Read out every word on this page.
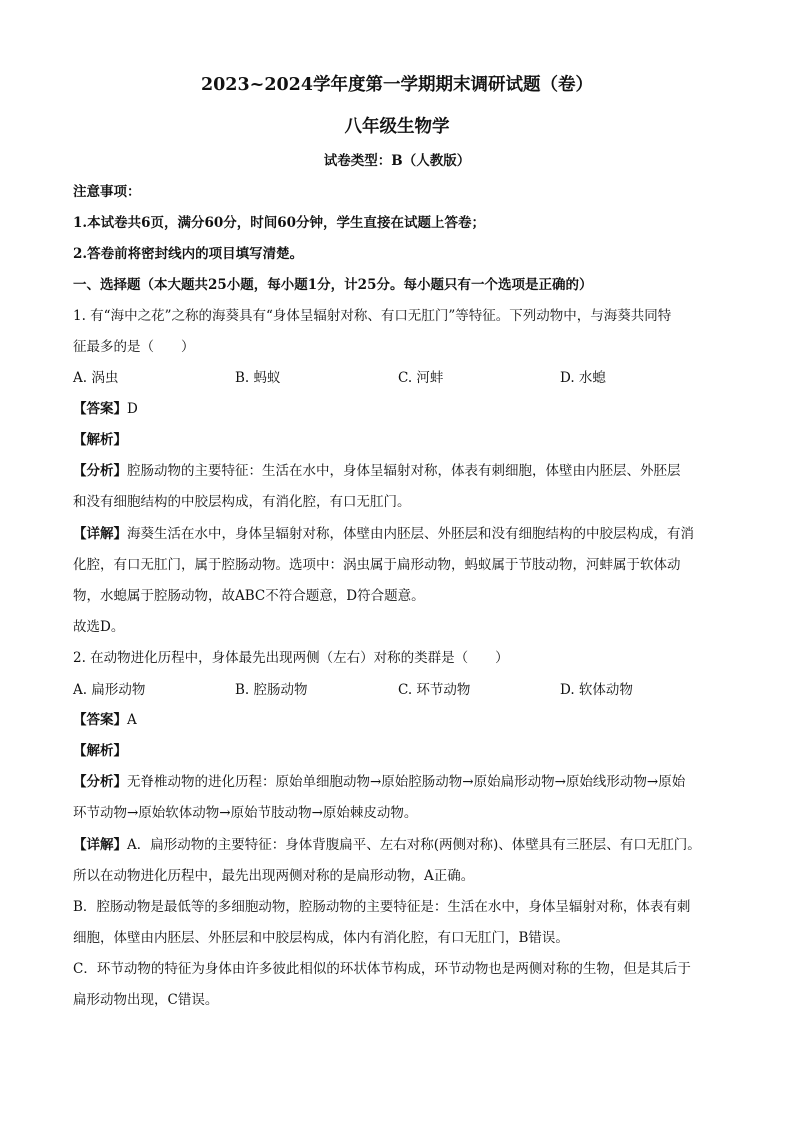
2023~2024学年度第一学期期末调研试题（卷）
八年级生物学
试卷类型：B（人教版）
注意事项：
1.本试卷共6页，满分60分，时间60分钟，学生直接在试题上答卷；
2.答卷前将密封线内的项目填写清楚。
一、选择题（本大题共25小题，每小题1分，计25分。每小题只有一个选项是正确的）
1. 有“海中之花”之称的海葵具有“身体呈辐射对称、有口无肛门”等特征。下列动物中，与海葵共同特
征最多的是（　　）
A. 涡虫	B. 蚂蚁	C. 河蚌	D. 水螅
【答案】D
【解析】
【分析】腔肠动物的主要特征：生活在水中，身体呈辐射对称，体表有刺细胞，体壁由内胚层、外胚层
和没有细胞结构的中胶层构成，有消化腔，有口无肛门。
【详解】海葵生活在水中，身体呈辐射对称，体壁由内胚层、外胚层和没有细胞结构的中胶层构成，有消
化腔，有口无肛门，属于腔肠动物。选项中：涡虫属于扁形动物，蚂蚁属于节肢动物，河蚌属于软体动
物，水螅属于腔肠动物，故ABC不符合题意，D符合题意。
故选D。
2. 在动物进化历程中，身体最先出现两侧（左右）对称的类群是（　　）
A. 扁形动物	B. 腔肠动物	C. 环节动物	D. 软体动物
【答案】A
【解析】
【分析】无脊椎动物的进化历程：原始单细胞动物→原始腔肠动物→原始扁形动物→原始线形动物→原始
环节动物→原始软体动物→原始节肢动物→原始棘皮动物。
【详解】A．扁形动物的主要特征：身体背腹扁平、左右对称(两侧对称)、体壁具有三胚层、有口无肛门。
所以在动物进化历程中，最先出现两侧对称的是扁形动物，A正确。
B．腔肠动物是最低等的多细胞动物，腔肠动物的主要特征是：生活在水中，身体呈辐射对称，体表有刺
细胞，体壁由内胚层、外胚层和中胶层构成，体内有消化腔，有口无肛门，B错误。
C．环节动物的特征为身体由许多彼此相似的环状体节构成，环节动物也是两侧对称的生物，但是其后于
扁形动物出现，C错误。
